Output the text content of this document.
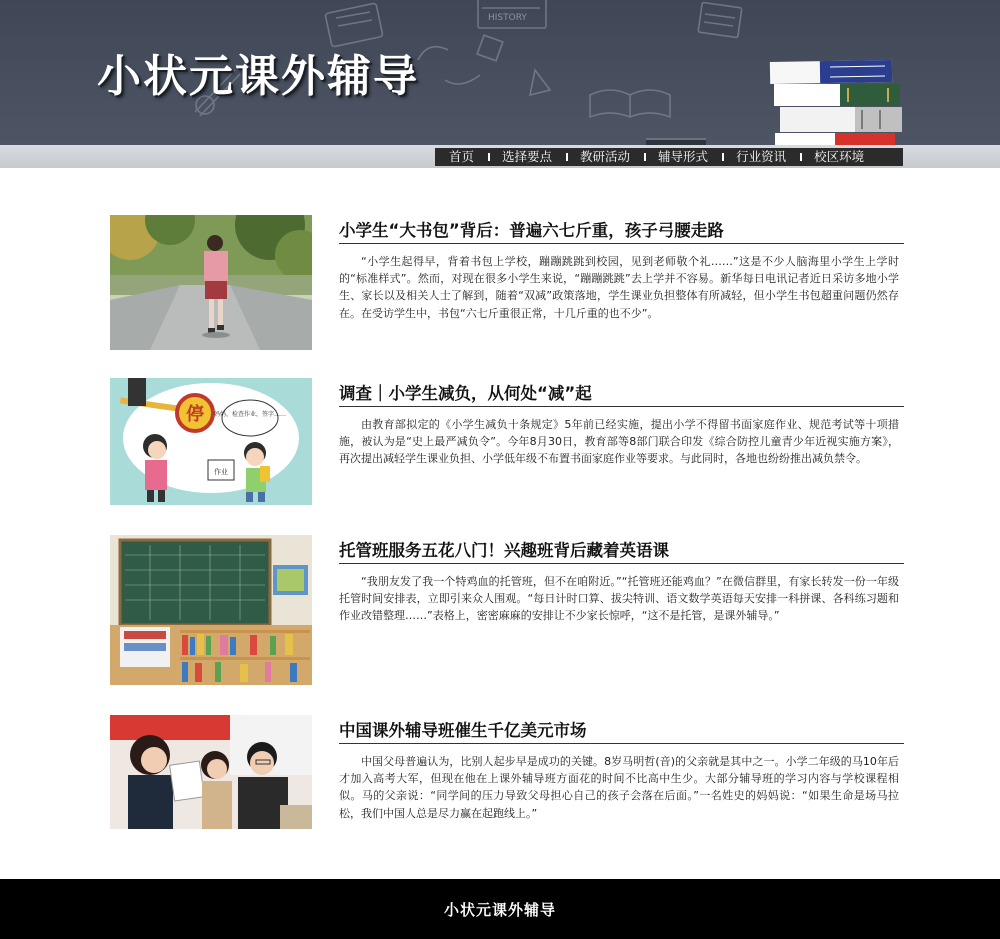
HISTORY
小状元课外辅导
首页	选择要点	教研活动	辅导形式	行业资讯	校区环境
小学生“大书包”背后：普遍六七斤重，孩子弓腰走路

“小学生起得早，背着书包上学校，蹦蹦跳跳到校园，见到老师敬个礼……”这是不少人脑海里小学生上学时的“标准样式”。然而，对现在很多小学生来说，“蹦蹦跳跳”去上学并不容易。新华每日电讯记者近日采访多地小学生、家长以及相关人士了解到，随着“双减”政策落地，学生课业负担整体有所减轻，但小学生书包超重问题仍然存在。在受访学生中，书包“六七斤重很正常，十几斤重的也不少”。

停 妈妈，检查作业，签字……
作业
调查｜小学生减负，从何处“减”起

由教育部拟定的《小学生减负十条规定》5年前已经实施，提出小学不得留书面家庭作业、规范考试等十项措施，被认为是“史上最严减负令”。今年8月30日，教育部等8部门联合印发《综合防控儿童青少年近视实施方案》，再次提出减轻学生课业负担、小学低年级不布置书面家庭作业等要求。与此同时，各地也纷纷推出减负禁令。

托管班服务五花八门！兴趣班背后藏着英语课

“我朋友发了我一个特鸡血的托管班，但不在咱附近。”“托管班还能鸡血？”在微信群里，有家长转发一份一年级托管时间安排表，立即引来众人围观。“每日计时口算、拔尖特训、语文数学英语每天安排一科拼课、各科练习题和作业改错整理……”表格上，密密麻麻的安排让不少家长惊呼，“这不是托管，是课外辅导。”

中国课外辅导班催生千亿美元市场

中国父母普遍认为，比别人起步早是成功的关键。8岁马明哲(音)的父亲就是其中之一。小学二年级的马10年后才加入高考大军，但现在他在上课外辅导班方面花的时间不比高中生少。大部分辅导班的学习内容与学校课程相似。马的父亲说：“同学间的压力导致父母担心自己的孩子会落在后面。”一名姓史的妈妈说：“如果生命是场马拉松，我们中国人总是尽力赢在起跑线上。”

小状元课外辅导
